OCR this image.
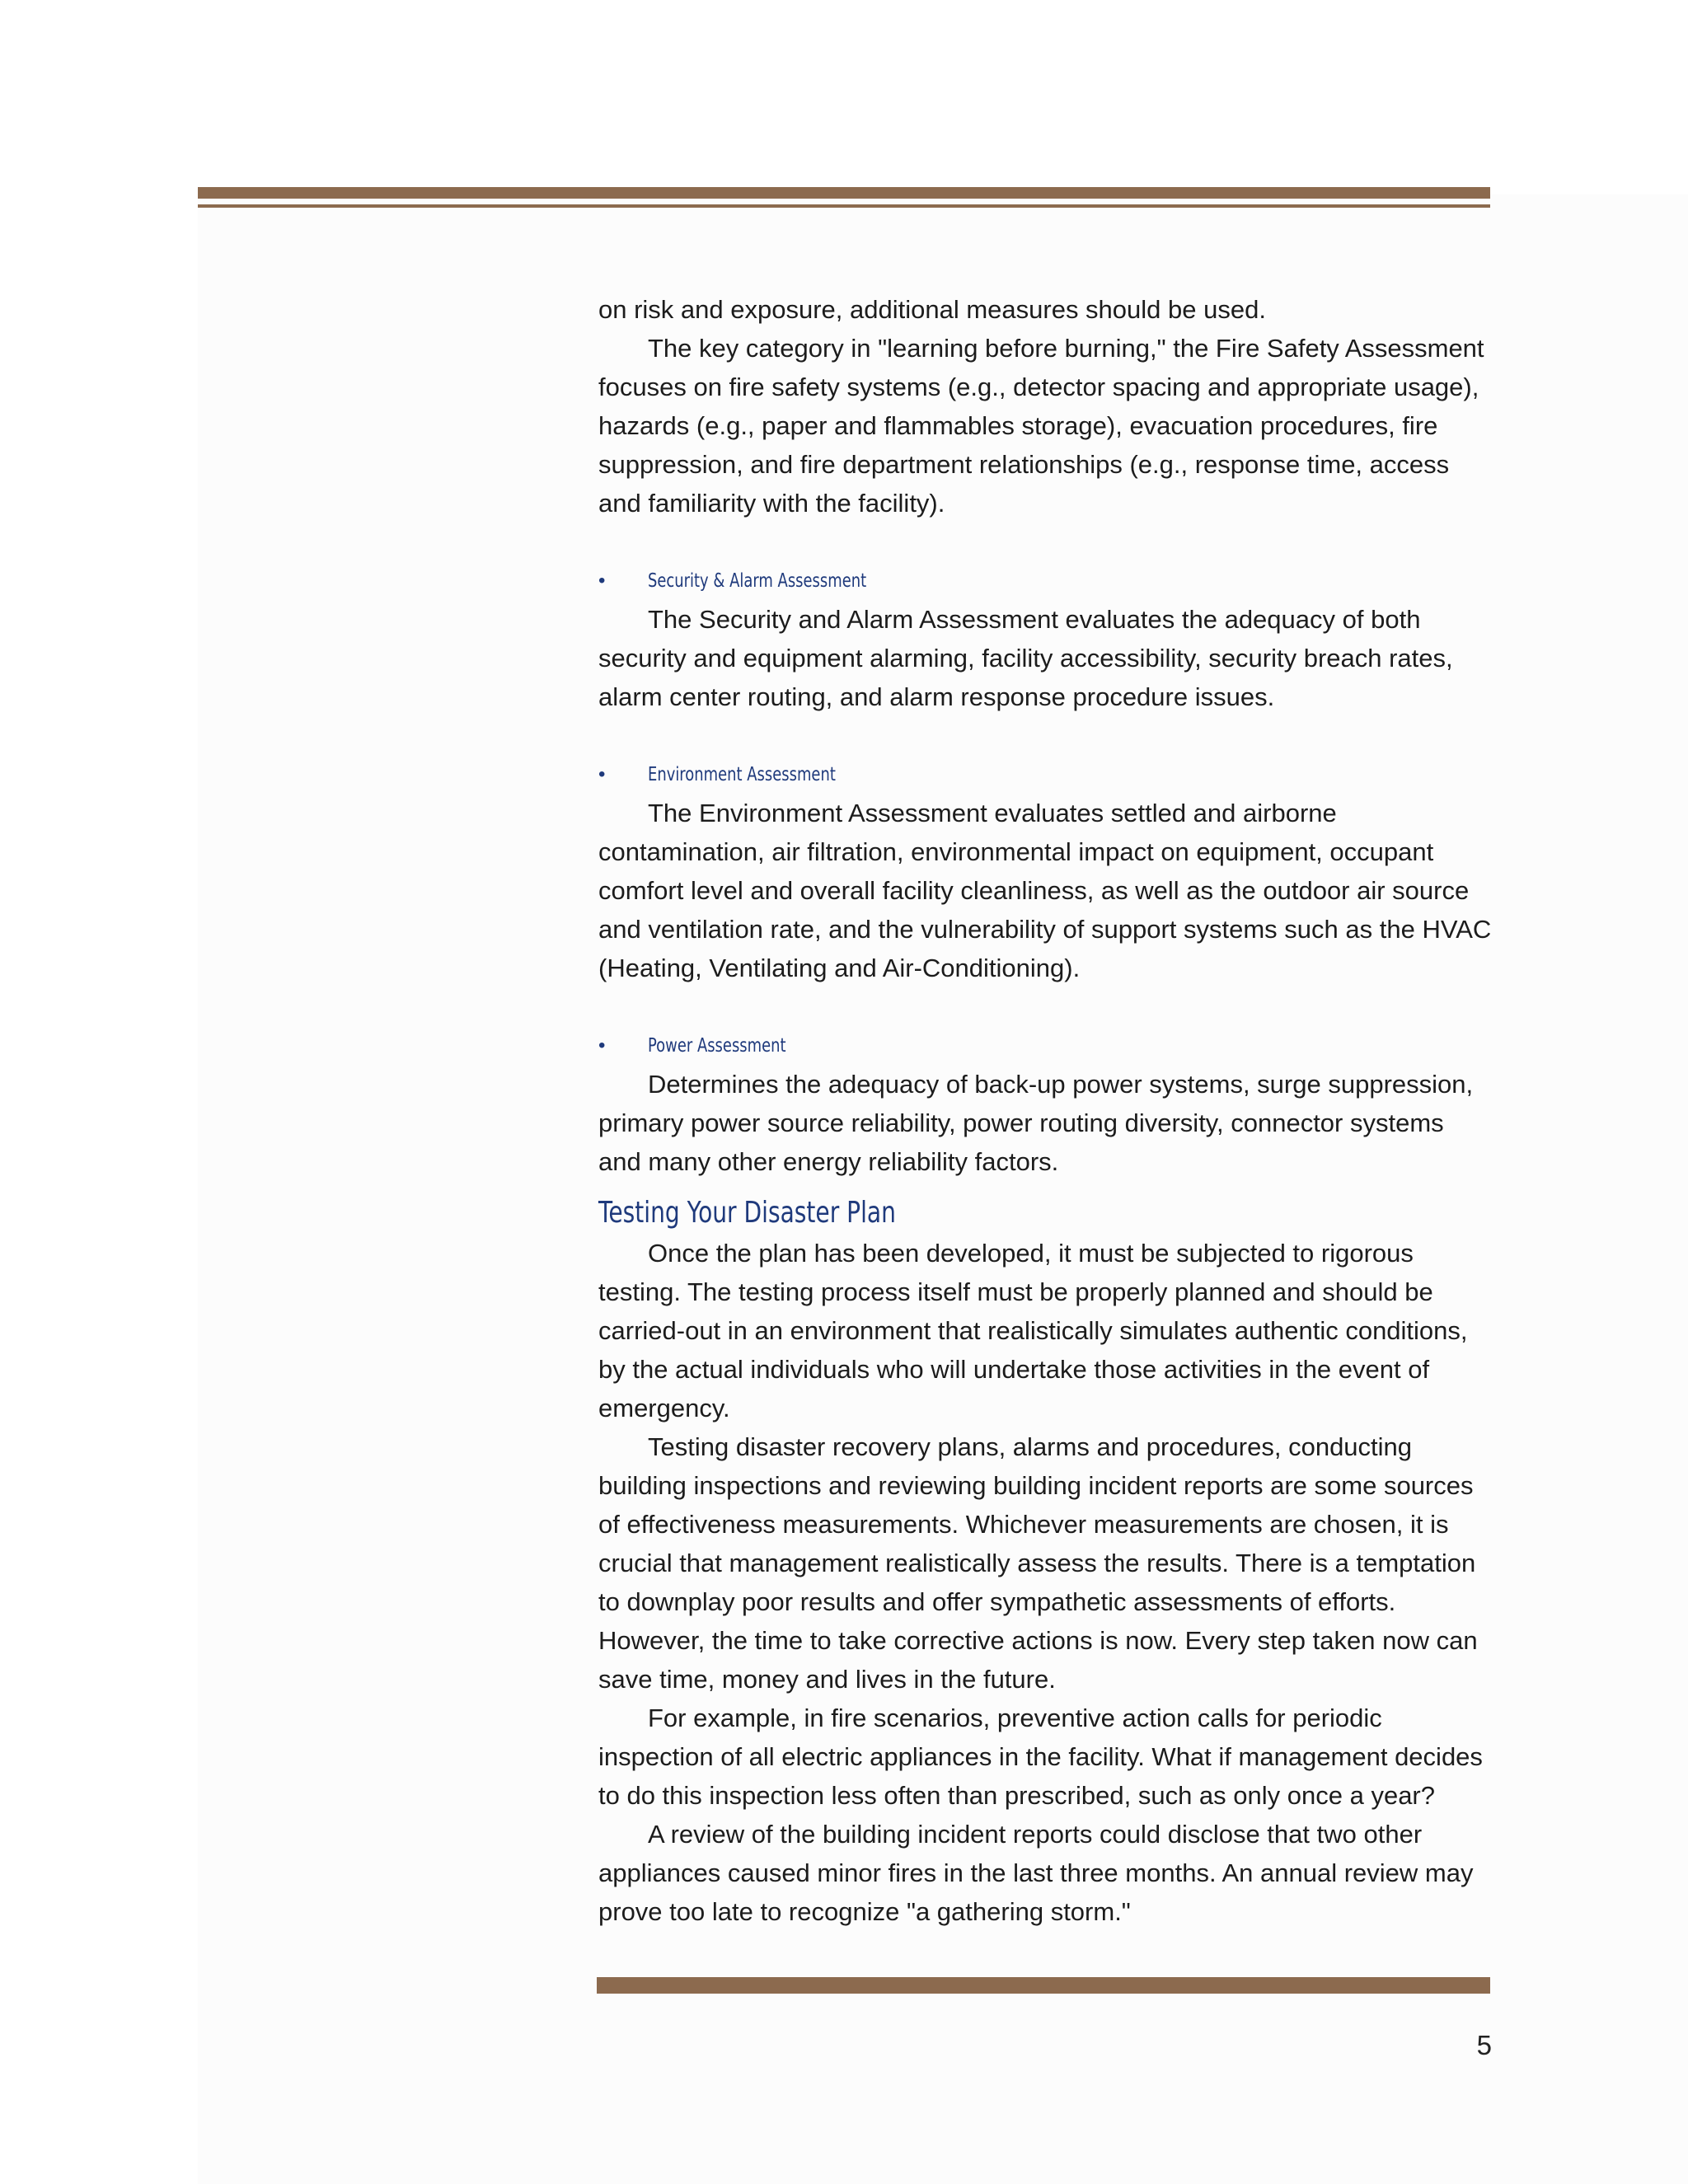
on risk and exposure, additional measures should be used.

The key category in "learning before burning," the Fire Safety Assessment focuses on fire safety systems (e.g., detector spacing and appropriate usage), hazards (e.g., paper and flammables storage), evacuation procedures, fire suppression, and fire department relationships (e.g., response time, access and familiarity with the facility).

•	Security & Alarm Assessment

The Security and Alarm Assessment evaluates the adequacy of both security and equipment alarming, facility accessibility, security breach rates, alarm center routing, and alarm response procedure issues.

•	Environment Assessment

The Environment Assessment evaluates settled and airborne contamination, air filtration, environmental impact on equipment, occupant comfort level and overall facility cleanliness, as well as the outdoor air source and ventilation rate, and the vulnerability of support systems such as the HVAC (Heating, Ventilating and Air-Conditioning).

•	Power Assessment

Determines the adequacy of back-up power systems, surge suppression, primary power source reliability, power routing diversity, connector systems and many other energy reliability factors.

Testing Your Disaster Plan

Once the plan has been developed, it must be subjected to rigorous testing. The testing process itself must be properly planned and should be carried-out in an environment that realistically simulates authentic conditions, by the actual individuals who will undertake those activities in the event of emergency.

Testing disaster recovery plans, alarms and procedures, conducting building inspections and reviewing building incident reports are some sources of effectiveness measurements. Whichever measurements are chosen, it is crucial that management realistically assess the results. There is a temptation to downplay poor results and offer sympathetic assessments of efforts. However, the time to take corrective actions is now. Every step taken now can save time, money and lives in the future.

For example, in fire scenarios, preventive action calls for periodic inspection of all electric appliances in the facility. What if management decides to do this inspection less often than prescribed, such as only once a year?

A review of the building incident reports could disclose that two other appliances caused minor fires in the last three months. An annual review may prove too late to recognize "a gathering storm."

5
